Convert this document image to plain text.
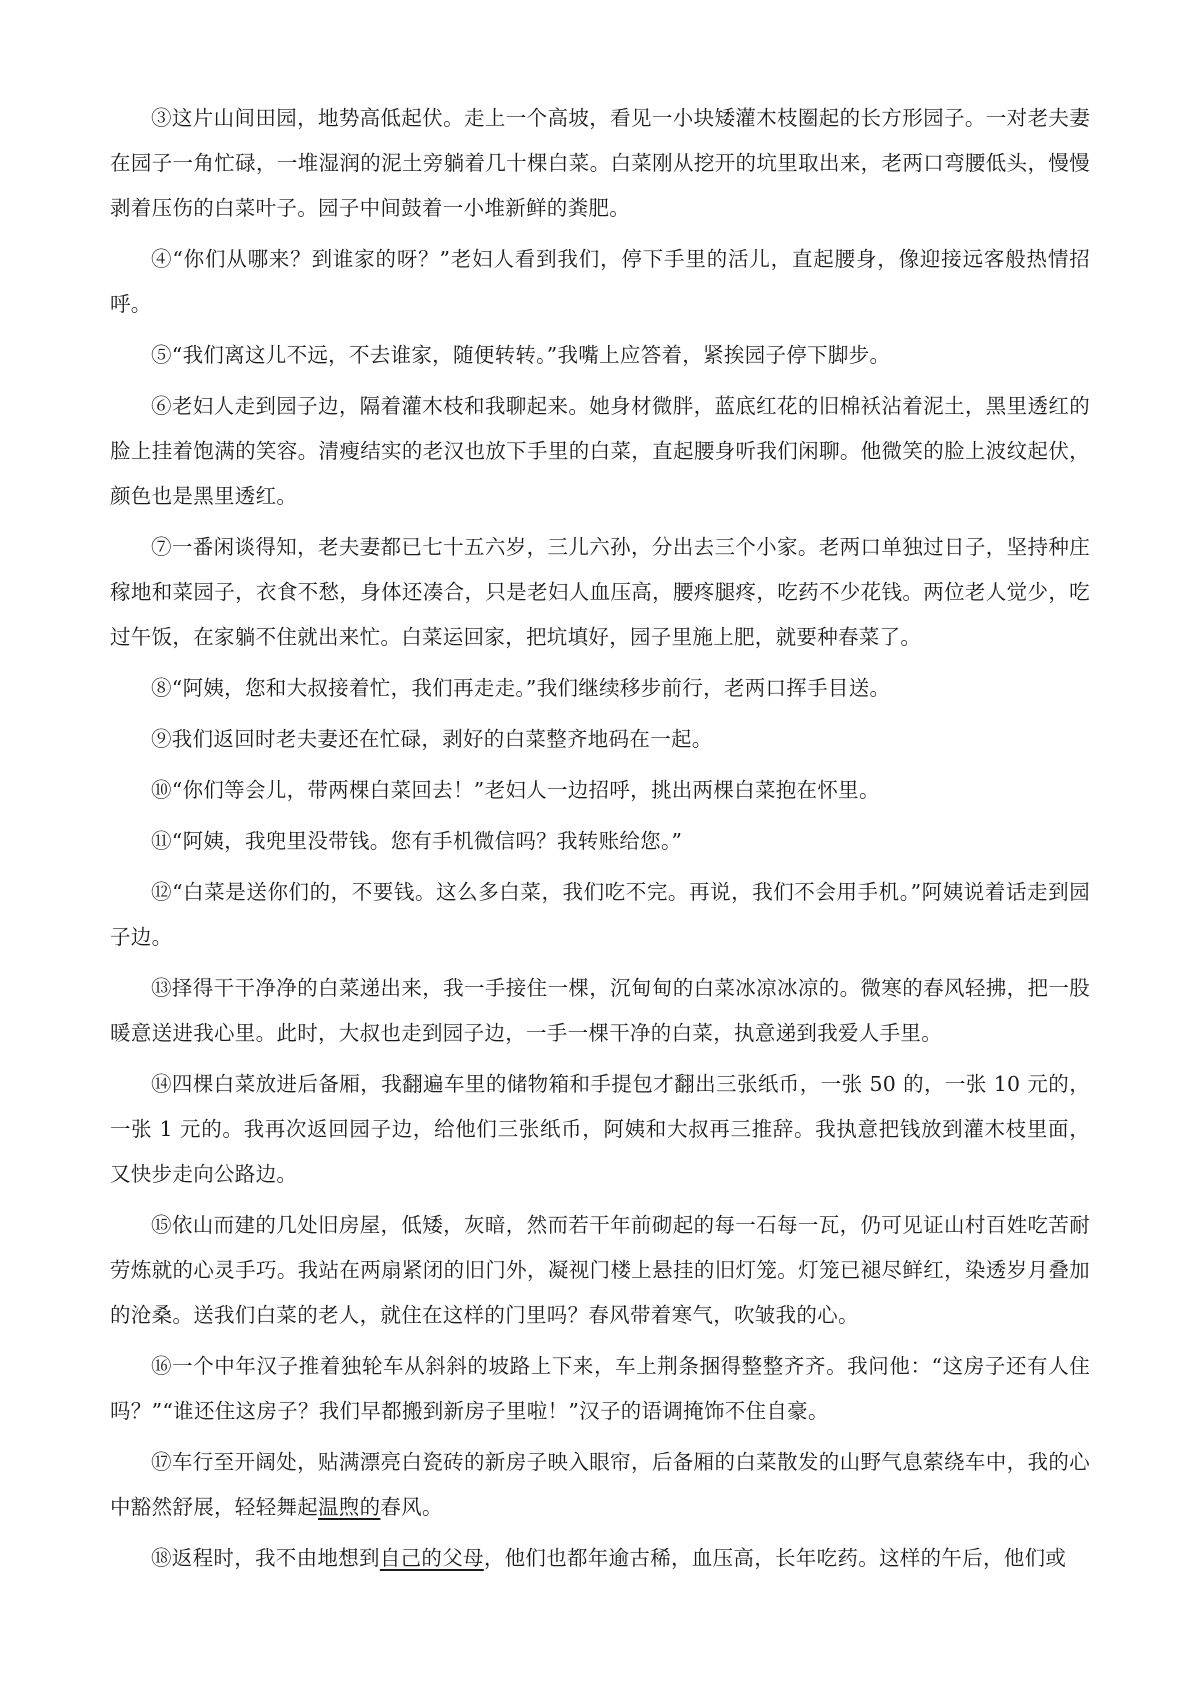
③这片山间田园，地势高低起伏。走上一个高坡，看见一小块矮灌木枝圈起的长方形园子。一对老夫妻在园子一角忙碌，一堆湿润的泥土旁躺着几十棵白菜。白菜刚从挖开的坑里取出来，老两口弯腰低头，慢慢剥着压伤的白菜叶子。园子中间鼓着一小堆新鲜的粪肥。

④“你们从哪来？到谁家的呀？”老妇人看到我们，停下手里的活儿，直起腰身，像迎接远客般热情招呼。

⑤“我们离这儿不远，不去谁家，随便转转。”我嘴上应答着，紧挨园子停下脚步。

⑥老妇人走到园子边，隔着灌木枝和我聊起来。她身材微胖，蓝底红花的旧棉袄沾着泥土，黑里透红的脸上挂着饱满的笑容。清瘦结实的老汉也放下手里的白菜，直起腰身听我们闲聊。他微笑的脸上波纹起伏，颜色也是黑里透红。

⑦一番闲谈得知，老夫妻都已七十五六岁，三儿六孙，分出去三个小家。老两口单独过日子，坚持种庄稼地和菜园子，衣食不愁，身体还凑合，只是老妇人血压高，腰疼腿疼，吃药不少花钱。两位老人觉少，吃过午饭，在家躺不住就出来忙。白菜运回家，把坑填好，园子里施上肥，就要种春菜了。

⑧“阿姨，您和大叔接着忙，我们再走走。”我们继续移步前行，老两口挥手目送。

⑨我们返回时老夫妻还在忙碌，剥好的白菜整齐地码在一起。

⑩“你们等会儿，带两棵白菜回去！”老妇人一边招呼，挑出两棵白菜抱在怀里。

⑪“阿姨，我兜里没带钱。您有手机微信吗？我转账给您。”

⑫“白菜是送你们的，不要钱。这么多白菜，我们吃不完。再说，我们不会用手机。”阿姨说着话走到园子边。

⑬择得干干净净的白菜递出来，我一手接住一棵，沉甸甸的白菜冰凉冰凉的。微寒的春风轻拂，把一股暖意送进我心里。此时，大叔也走到园子边，一手一棵干净的白菜，执意递到我爱人手里。

⑭四棵白菜放进后备厢，我翻遍车里的储物箱和手提包才翻出三张纸币，一张 50 的，一张 10 元的，一张 1 元的。我再次返回园子边，给他们三张纸币，阿姨和大叔再三推辞。我执意把钱放到灌木枝里面，又快步走向公路边。

⑮依山而建的几处旧房屋，低矮，灰暗，然而若干年前砌起的每一石每一瓦，仍可见证山村百姓吃苦耐劳炼就的心灵手巧。我站在两扇紧闭的旧门外，凝视门楼上悬挂的旧灯笼。灯笼已褪尽鲜红，染透岁月叠加的沧桑。送我们白菜的老人，就住在这样的门里吗？春风带着寒气，吹皱我的心。

⑯一个中年汉子推着独轮车从斜斜的坡路上下来，车上荆条捆得整整齐齐。我问他：“这房子还有人住吗？”“谁还住这房子？我们早都搬到新房子里啦！”汉子的语调掩饰不住自豪。

⑰车行至开阔处，贴满漂亮白瓷砖的新房子映入眼帘，后备厢的白菜散发的山野气息萦绕车中，我的心中豁然舒展，轻轻舞起温煦的春风。

⑱返程时，我不由地想到自己的父母，他们也都年逾古稀，血压高，长年吃药。这样的午后，他们或
